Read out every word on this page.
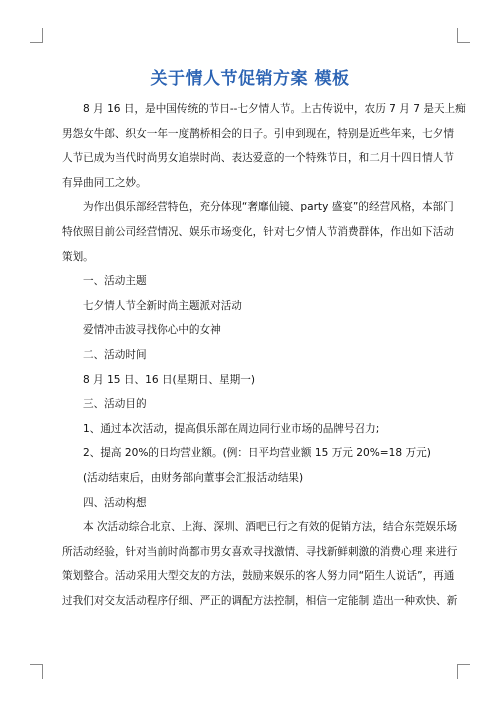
关于情人节促销方案 模板
8 月 16 日，是中国传统的节日--七夕情人节。上古传说中，农历 7 月 7 是天上痴
男怨女牛郎、织女一年一度鹊桥相会的日子。引申到现在，特别是近些年来，七夕情
人节已成为当代时尚男女追崇时尚、表达爱意的一个特殊节日，和二月十四日情人节
有异曲同工之妙。
为作出俱乐部经营特色，充分体现“奢靡仙镜、party 盛宴”的经营风格，本部门
特依照目前公司经营情况、娱乐市场变化，针对七夕情人节消费群体，作出如下活动
策划。
一、活动主题
七夕情人节全新时尚主题派对活动
爱情冲击波寻找你心中的女神
二、活动时间
8 月 15 日、16 日(星期日、星期一)
三、活动目的
1、通过本次活动，提高俱乐部在周边同行业市场的品牌号召力;
2、提高 20%的日均营业额。(例：日平均营业额 15 万元 20%=18 万元)
(活动结束后，由财务部向董事会汇报活动结果)
四、活动构想
本 次活动综合北京、上海、深圳、酒吧已行之有效的促销方法，结合东莞娱乐场
所活动经验，针对当前时尚都市男女喜欢寻找激情、寻找新鲜刺激的消费心理 来进行
策划整合。活动采用大型交友的方法，鼓励来娱乐的客人努力同“陌生人说话”，再通
过我们对交友活动程序仔细、严正的调配方法控制，相信一定能制 造出一种欢快、新
